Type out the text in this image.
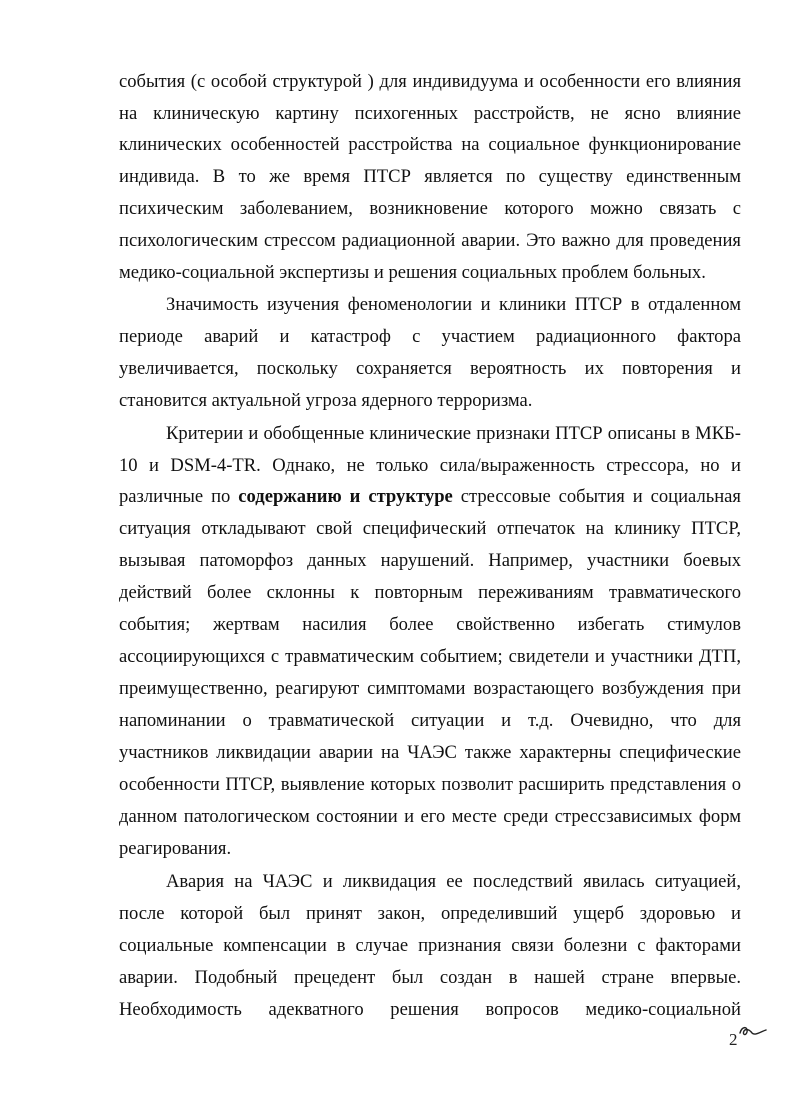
события (с особой структурой ) для индивидуума и особенности его влияния
на клиническую картину психогенных расстройств, не ясно влияние
клинических особенностей расстройства на социальное функционирование
индивида. В то же время ПТСР является по существу единственным
психическим заболеванием, возникновение которого можно связать с
психологическим стрессом радиационной аварии. Это важно для проведения
медико-социальной экспертизы и решения социальных проблем больных.
Значимость изучения феноменологии и клиники ПТСР в отдаленном
периоде аварий и катастроф с участием радиационного фактора
увеличивается, поскольку сохраняется вероятность их повторения и
становится актуальной угроза ядерного терроризма.
Критерии и обобщенные клинические признаки ПТСР описаны в МКБ-
10 и DSM-4-TR. Однако, не только сила/выраженность стрессора, но и
различные по содержанию и структуре стрессовые события и социальная
ситуация откладывают свой специфический отпечаток на клинику ПТСР,
вызывая патоморфоз данных нарушений. Например, участники боевых
действий более склонны к повторным переживаниям травматического
события; жертвам насилия более свойственно избегать стимулов
ассоциирующихся с травматическим событием; свидетели и участники ДТП,
преимущественно, реагируют симптомами возрастающего возбуждения при
напоминании о травматической ситуации и т.д. Очевидно, что для
участников ликвидации аварии на ЧАЭС также характерны специфические
особенности ПТСР, выявление которых позволит расширить представления о
данном патологическом состоянии и его месте среди стрессзависимых форм
реагирования.
Авария на ЧАЭС и ликвидация ее последствий явилась ситуацией,
после которой был принят закон, определивший ущерб здоровью и
социальные компенсации в случае признания связи болезни с факторами
аварии. Подобный прецедент был создан в нашей стране впервые.
Необходимость адекватного решения вопросов медико-социальной
2
